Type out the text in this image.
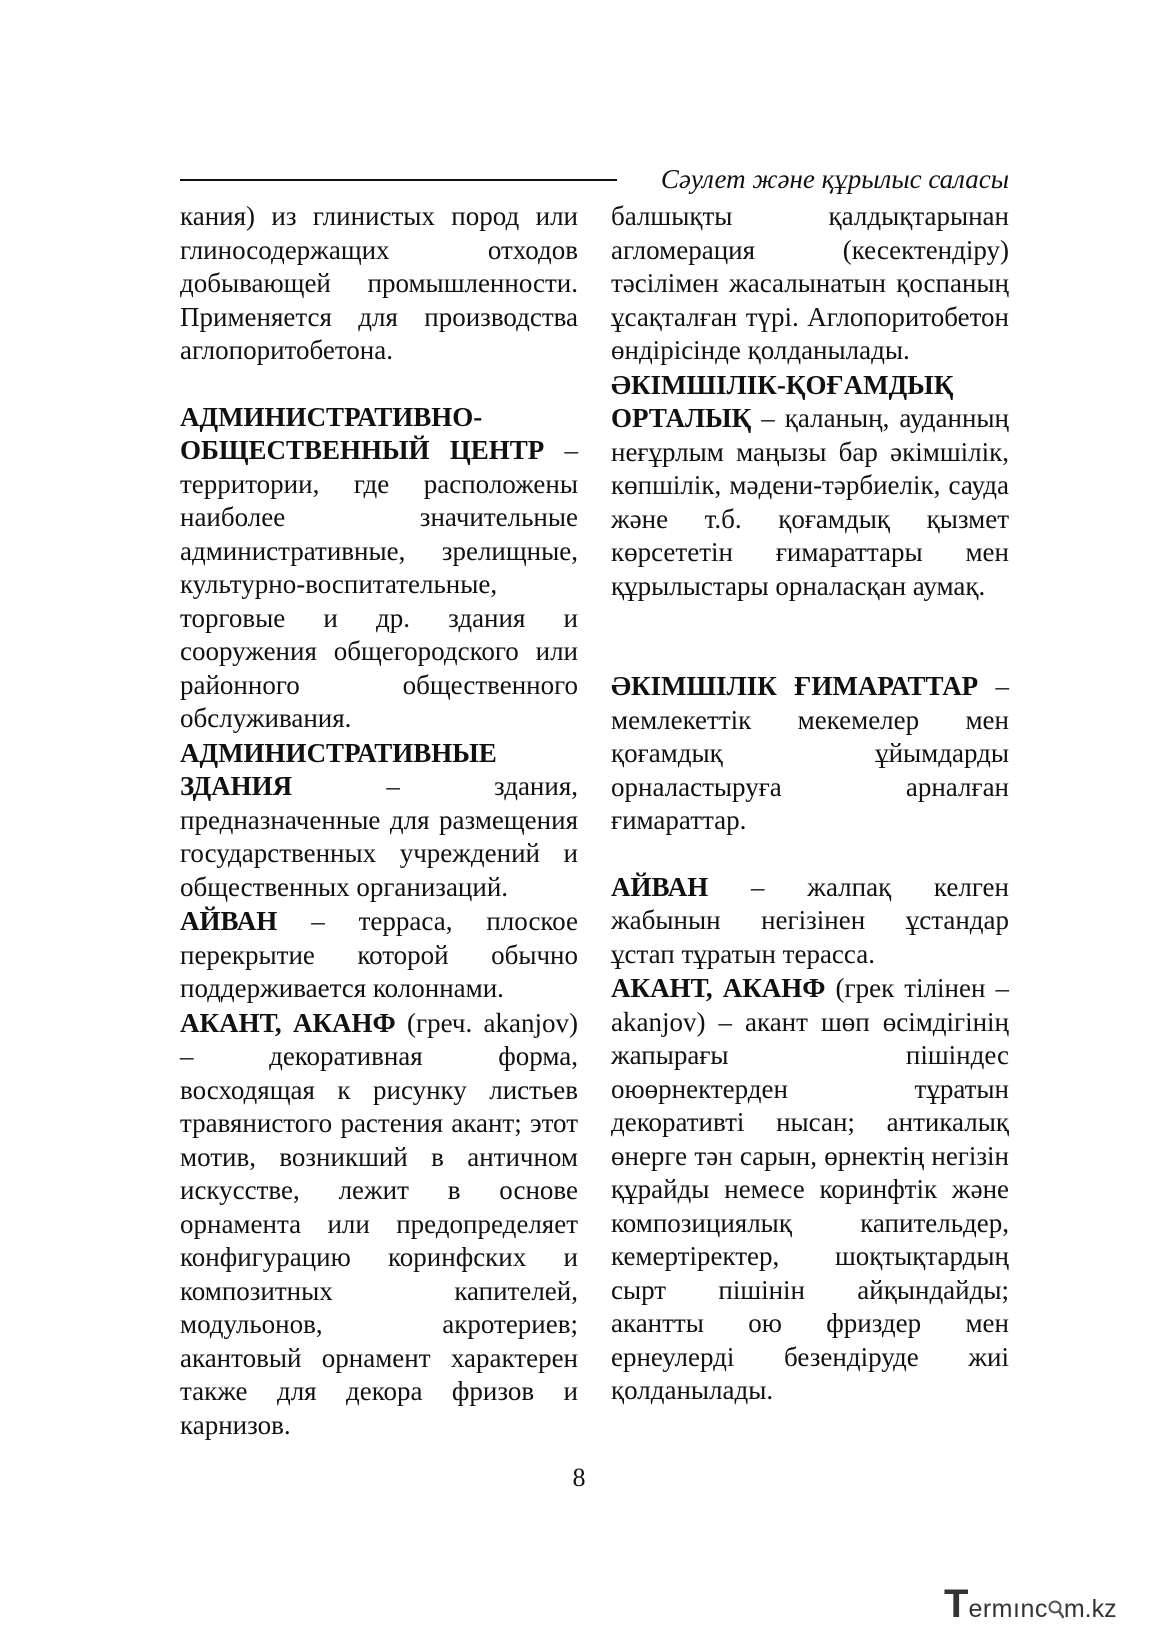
Сәулет және құрылыс саласы

кания) из глинистых пород или глиносодержащих отходов добывающей промышленности. Применяется для производства аглопоритобетона.

АДМИНИСТРАТИВНО-ОБЩЕСТВЕННЫЙ ЦЕНТР – территории, где расположены наиболее значительные административные, зрелищные, культурно-воспитательные, торговые и др. здания и сооружения общегородского или районного общественного обслуживания.

АДМИНИСТРАТИВНЫЕ ЗДАНИЯ – здания, предназначенные для размещения государственных учреждений и общественных организаций.

АЙВАН – терраса, плоское перекрытие которой обычно поддерживается колоннами.

АКАНТ, АКАНФ (греч. akanjov) – декоративная форма, восходящая к рисунку листьев травянистого растения акант; этот мотив, возникший в античном искусстве, лежит в основе орнамента или предопределяет конфигурацию коринфских и композитных капителей, модульонов, акротериев; акантовый орнамент характерен также для декора фризов и карнизов.

балшықты қалдықтарынан агломерация (кесектендіру) тәсілімен жасалынатын қоспаның ұсақталған түрі. Аглопоритобетон өндірісінде қолданылады.

ӘКІМШІЛІК-ҚОҒАМДЫҚ ОРТАЛЫҚ – қаланың, ауданның неғұрлым маңызы бар әкімшілік, көпшілік, мәдени-тәрбиелік, сауда және т.б. қоғамдық қызмет көрсететін ғимараттары мен құрылыстары орналасқан аумақ.

ӘКІМШІЛІК ҒИМАРАТТАР – мемлекеттік мекемелер мен қоғамдық ұйымдарды орналастыруға арналған ғимараттар.

АЙВАН – жалпақ келген жабынын негізінен ұстандар ұстап тұратын терасса.

АКАНТ, АКАНФ (грек тілінен – akanjov) – акант шөп өсімдігінің жапырағы пішіндес оюөрнектерден тұратын декоративті нысан; антикалық өнерге тән сарын, өрнектің негізін құрайды немесе коринфтік және композициялық капительдер, кемертіректер, шоқтықтардың сырт пішінін айқындайды; акантты ою фриздер мен ернеулерді безендіруде жиі қолданылады.

8
Termınc m.kz
